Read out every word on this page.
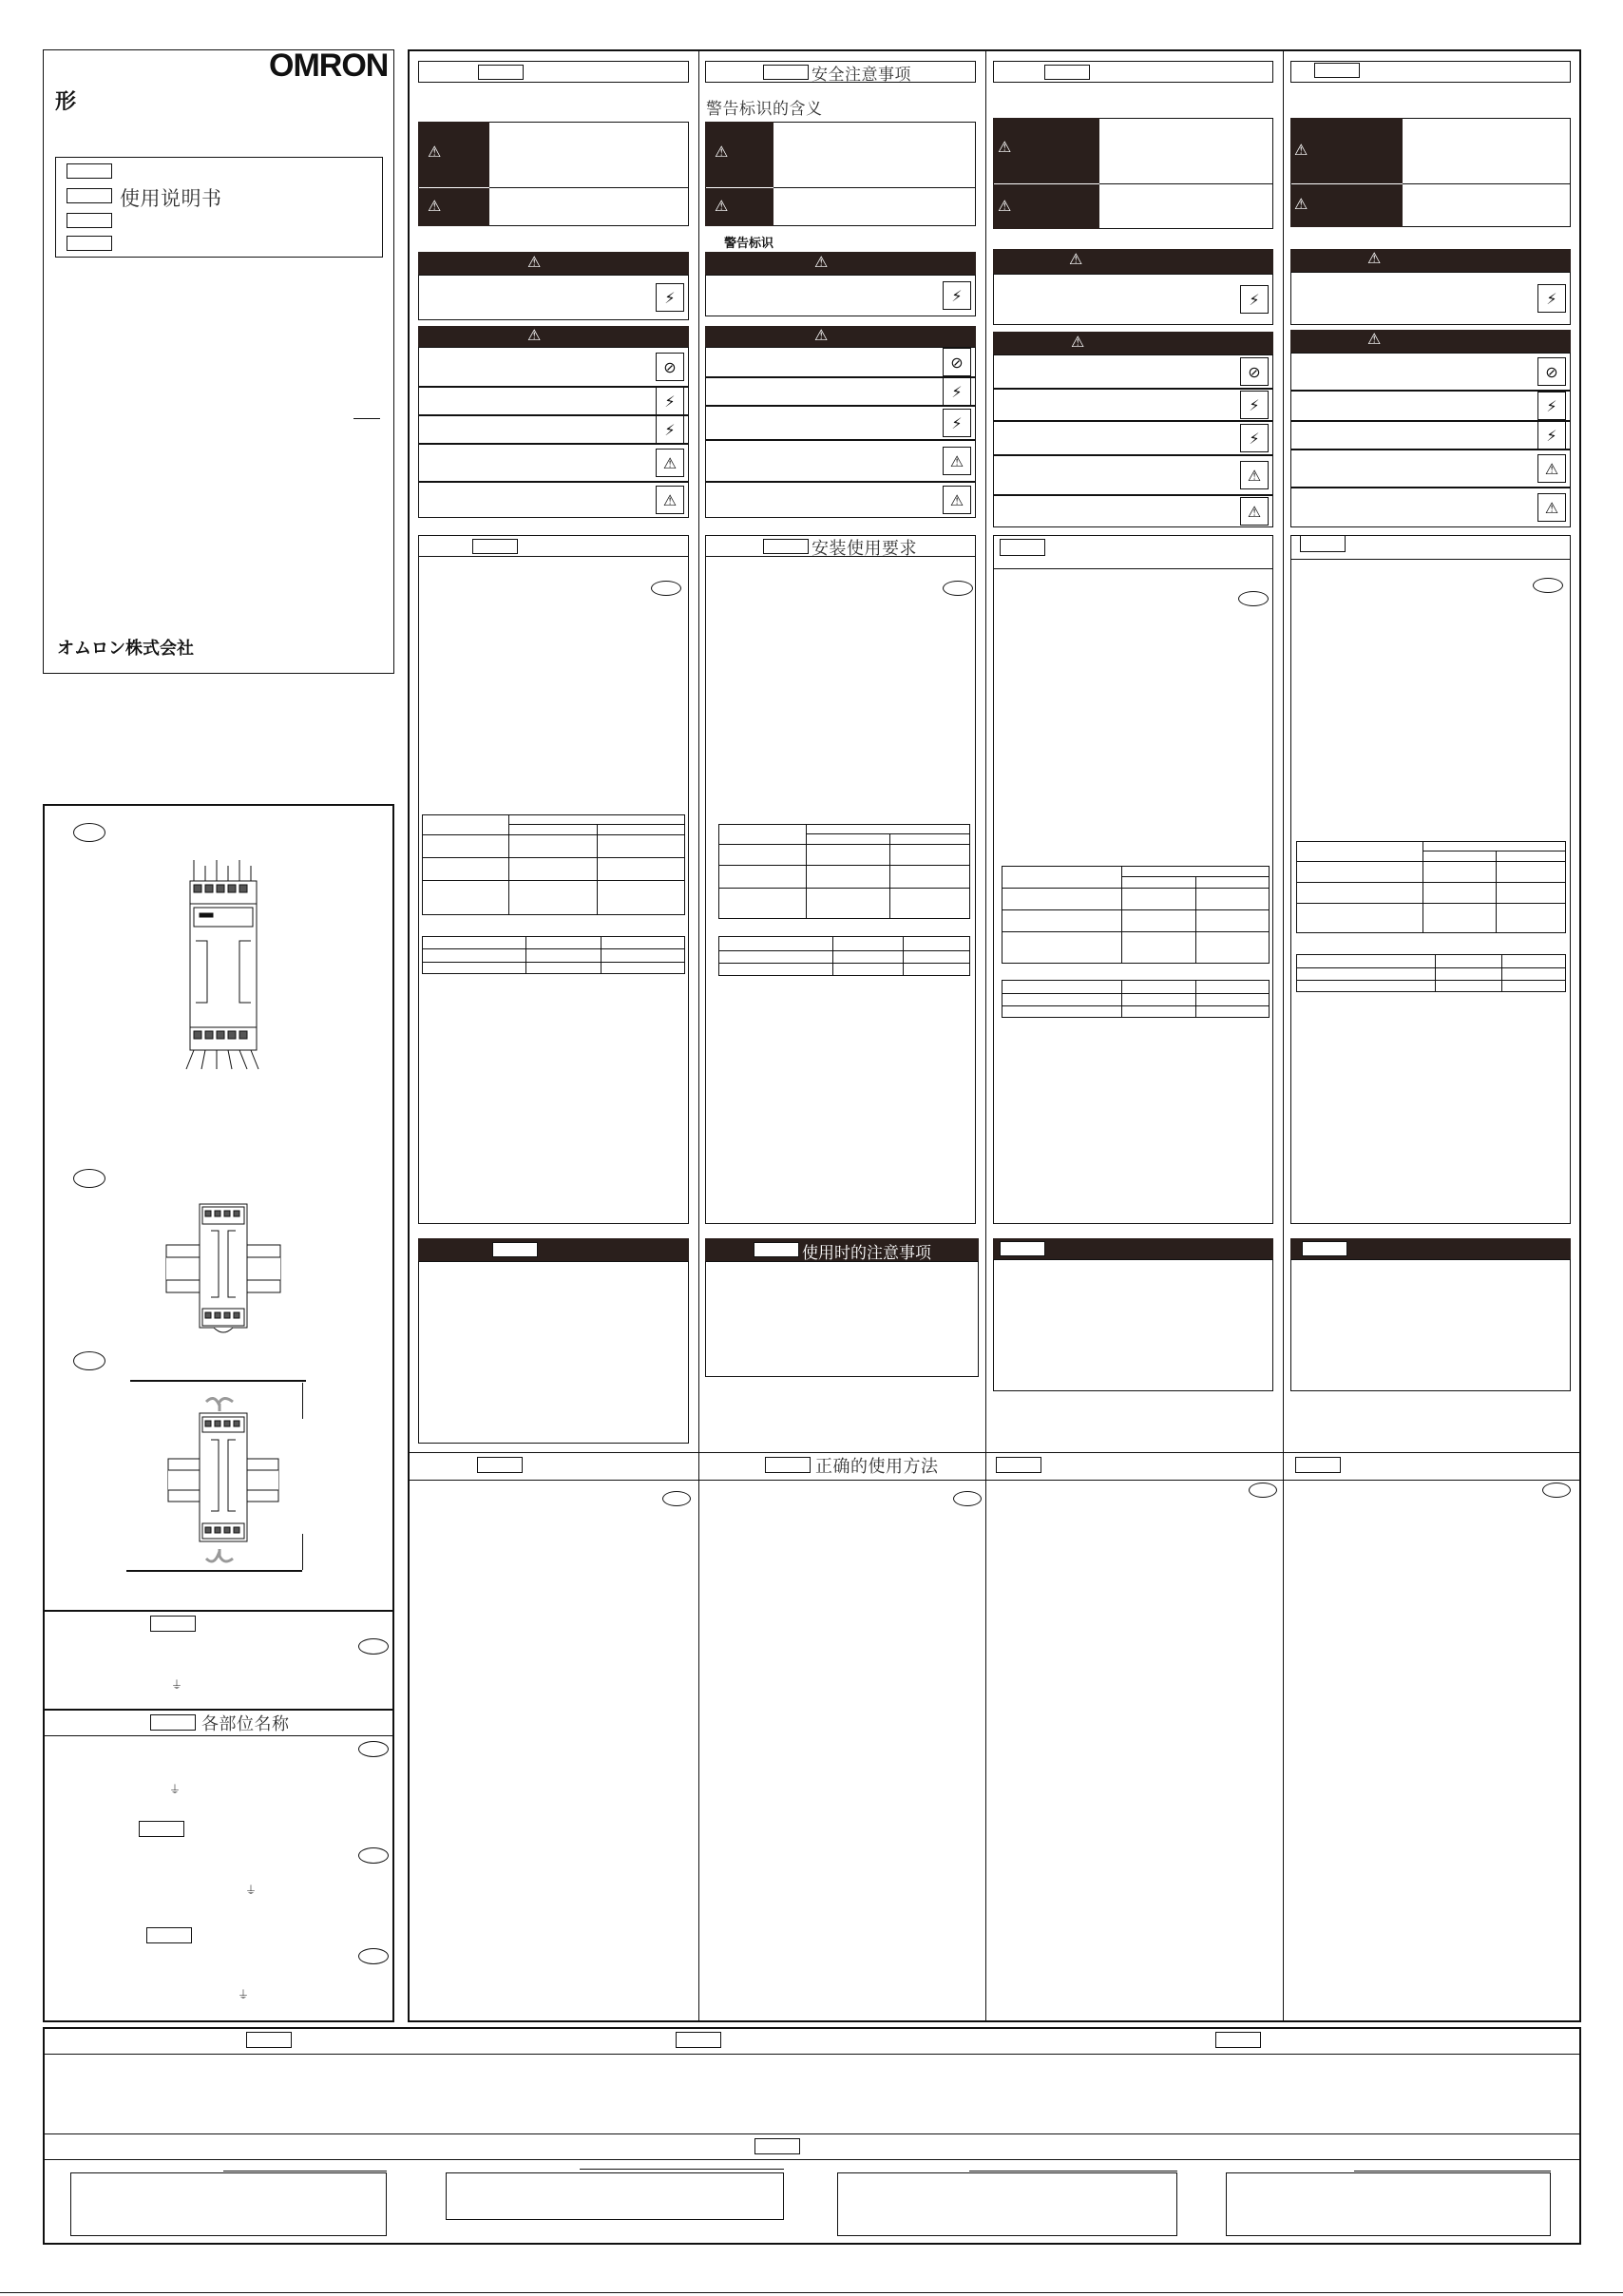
OMRON
形
使用说明书
オムロン株式会社
⏚
各部位名称
⏚
⏚
⏚
⚠
⚠
⚠
⚡
⚠
⊘
⚡
⚡
⚠
⚠
安全注意事项
警告标识的含义
⚠
⚠
警告标识
⚠
⚡
⚠
⊘
⚡
⚡
⚠
⚠
安装使用要求
使用时的注意事项
⚠
⚠
⚠
⚡
⚠
⊘
⚡
⚡
⚠
⚠
⚠
⚠
⚠
⚡
⚠
⊘
⚡
⚡
⚠
⚠
正确的使用方法
